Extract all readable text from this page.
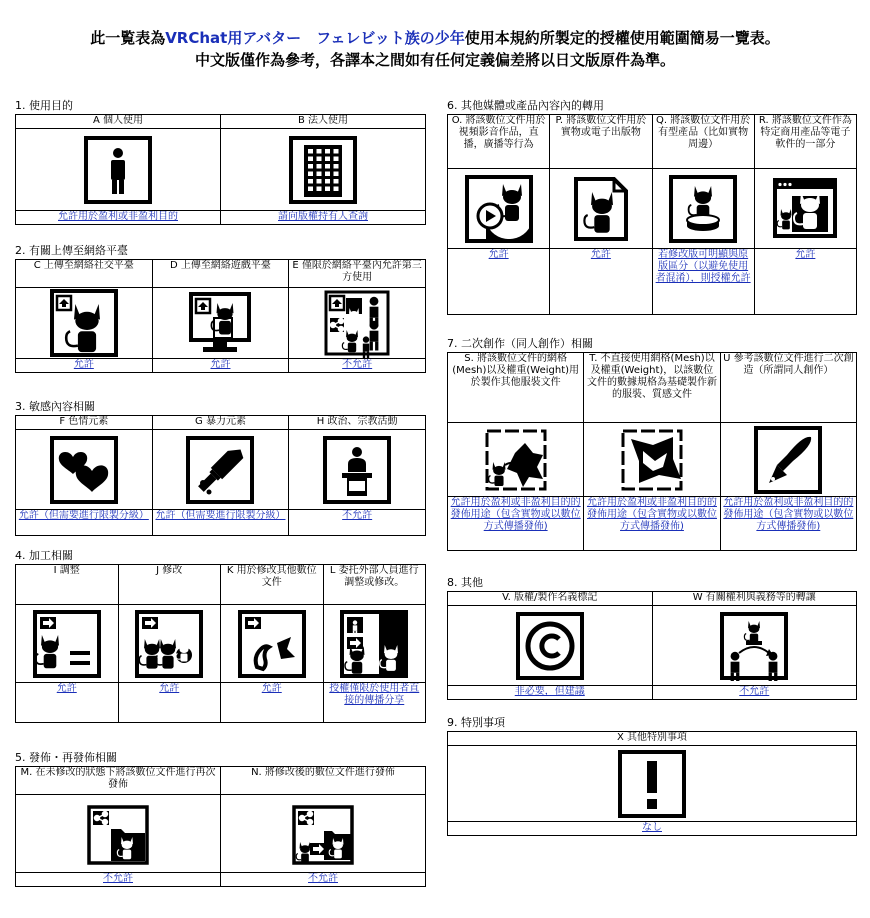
此一覧表為VRChat用アバター　フェレビット族の少年使用本規約所製定的授權使用範圍簡易一覽表。
中文版僅作為參考，各譯本之間如有任何定義偏差將以日文版原件為準。
1. 使用目的
A 個人使用	B 法人使用

允許用於盈利或非盈利目的	請向版權持有人查詢
2. 有關上傳至網絡平臺
C 上傳至網絡社交平臺	D 上傳至網絡遊戲平臺	E 僅限於網絡平臺內允許第三方使用

允許	允許	不允許
3. 敏感內容相關
F 色情元素	G 暴力元素	H 政治、宗教活動

允許（但需要進行限製分級）	允許（但需要進行限製分級）	不允許
4. 加工相關
I 調整	J 修改	K 用於修改其他數位文件	L 委托外部人員進行調整或修改。

允許	允許	允許	授權僅限於使用者直接的傳播分享
5. 發佈・再發佈相關
M. 在未修改的狀態下將該數位文件進行再次發佈	N. 將修改後的數位文件進行發佈

不允許	不允許
6. 其他媒體或產品內容內的轉用
O. 將該數位文件用於視頻影音作品，直播，廣播等行為	P. 將該數位文件用於實物或電子出版物	Q. 將該數位文件用於有型產品（比如實物周邊）	R. 將該數位文件作為特定商用產品等電子軟件的一部分

允許	允許	若修改版可明顯與原版區分（以避免使用者混淆），則授權允許	允許
7. 二次創作（同人創作）相關
S. 將該數位文件的網格(Mesh)以及權重(Weight)用於製作其他服裝文件	T. 不直接使用網格(Mesh)以及權重(Weight)，以該數位文件的數據規格為基礎製作新的服裝、質感文件	U 參考該數位文件進行二次創造（所謂同人創作）

允許用於盈利或非盈利目的的發佈用途（包含實物或以數位方式傳播發佈)	允許用於盈利或非盈利目的的發佈用途（包含實物或以數位方式傳播發佈)	允許用於盈利或非盈利目的的發佈用途（包含實物或以數位方式傳播發佈)
8. 其他
V. 版權/製作名義標記	W 有關權利與義務等的轉讓

非必要，但建議	不允許
9. 特別事項
X 其他特別事項

なし
